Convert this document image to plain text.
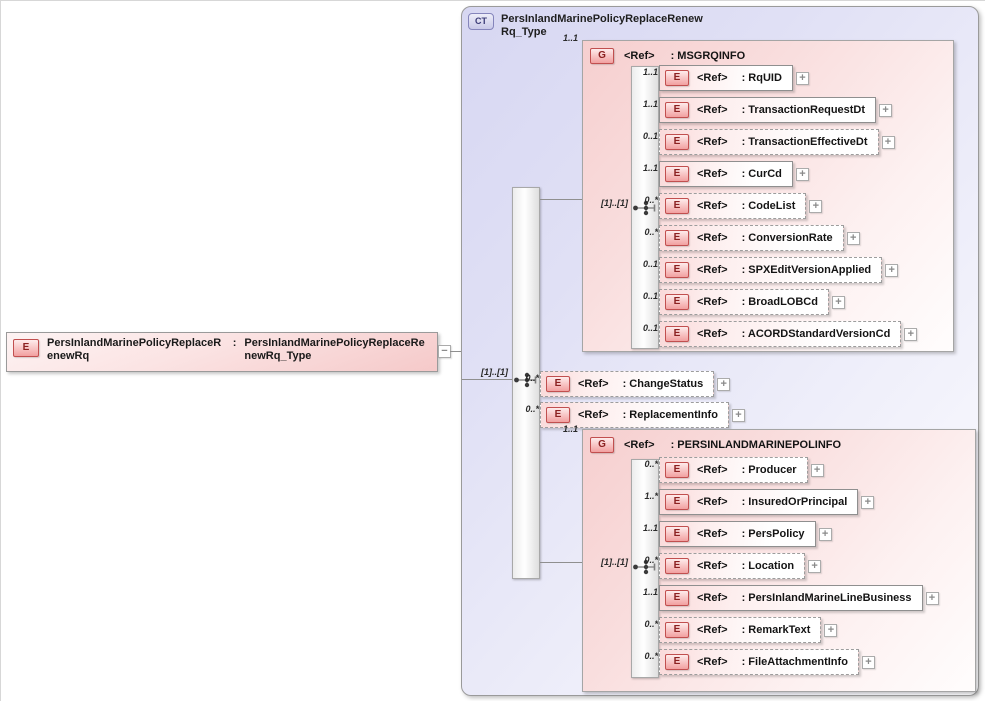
E	PersInlandMarinePolicyReplaceRenewRq
: PersInlandMarinePolicyReplaceRenewRq_Type	−
CT	PersInlandMarinePolicyReplaceRenewRq_Type
[1]..[1]
1..1
G	<Ref> : MSGRQINFO
[1]..[1]
1..1	E	<Ref> : RqUID +
1..1	E	<Ref> : TransactionRequestDt +
0..1	E	<Ref> : TransactionEffectiveDt +
1..1	E	<Ref> : CurCd +
0..*	E	<Ref> : CodeList +
0..*	E	<Ref> : ConversionRate +
0..1	E	<Ref> : SPXEditVersionApplied +
0..1	E	<Ref> : BroadLOBCd +
0..1	E	<Ref> : ACORDStandardVersionCd +
0..*	E	<Ref> : ChangeStatus +
0..*	E	<Ref> : ReplacementInfo +
1..1
G	<Ref> : PERSINLANDMARINEPOLINFO
[1]..[1]
0..*	E	<Ref> : Producer +
1..*	E	<Ref> : InsuredOrPrincipal +
1..1	E	<Ref> : PersPolicy +
0..*	E	<Ref> : Location +
1..1	E	<Ref> : PersInlandMarineLineBusiness +
0..*	E	<Ref> : RemarkText +
0..*	E	<Ref> : FileAttachmentInfo +
